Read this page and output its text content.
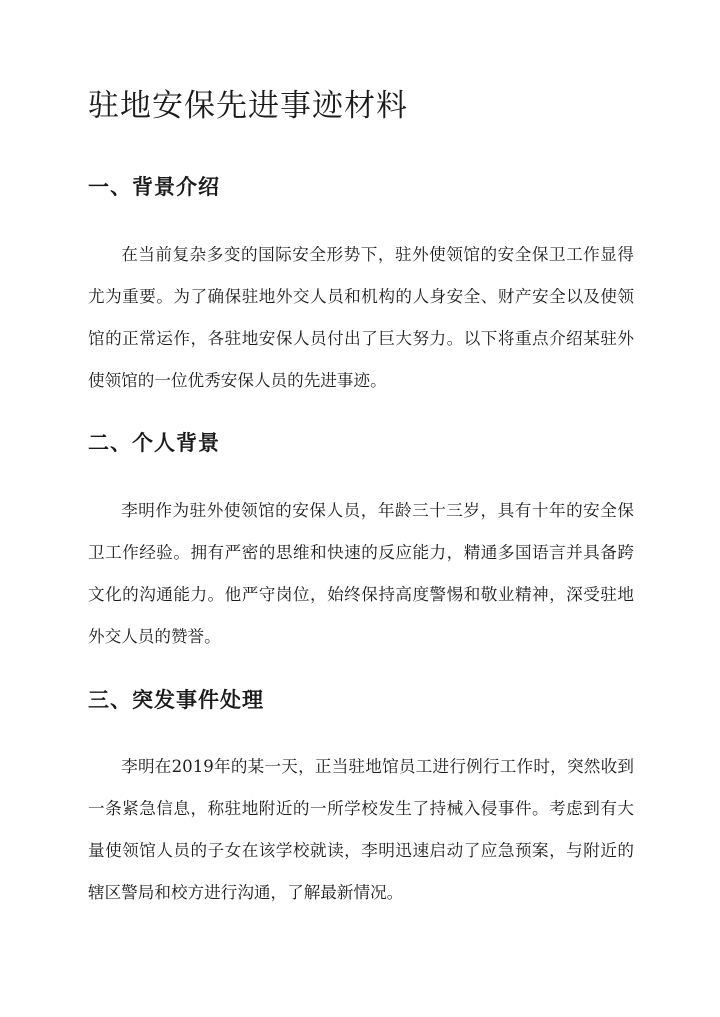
驻地安保先进事迹材料
一、背景介绍

在当前复杂多变的国际安全形势下，驻外使领馆的安全保卫工作显得尤为重要。为了确保驻地外交人员和机构的人身安全、财产安全以及使领馆的正常运作，各驻地安保人员付出了巨大努力。以下将重点介绍某驻外使领馆的一位优秀安保人员的先进事迹。

二、个人背景

李明作为驻外使领馆的安保人员，年龄三十三岁，具有十年的安全保卫工作经验。拥有严密的思维和快速的反应能力，精通多国语言并具备跨文化的沟通能力。他严守岗位，始终保持高度警惕和敬业精神，深受驻地外交人员的赞誉。

三、突发事件处理

李明在2019年的某一天，正当驻地馆员工进行例行工作时，突然收到一条紧急信息，称驻地附近的一所学校发生了持械入侵事件。考虑到有大量使领馆人员的子女在该学校就读，李明迅速启动了应急预案，与附近的辖区警局和校方进行沟通，了解最新情况。
